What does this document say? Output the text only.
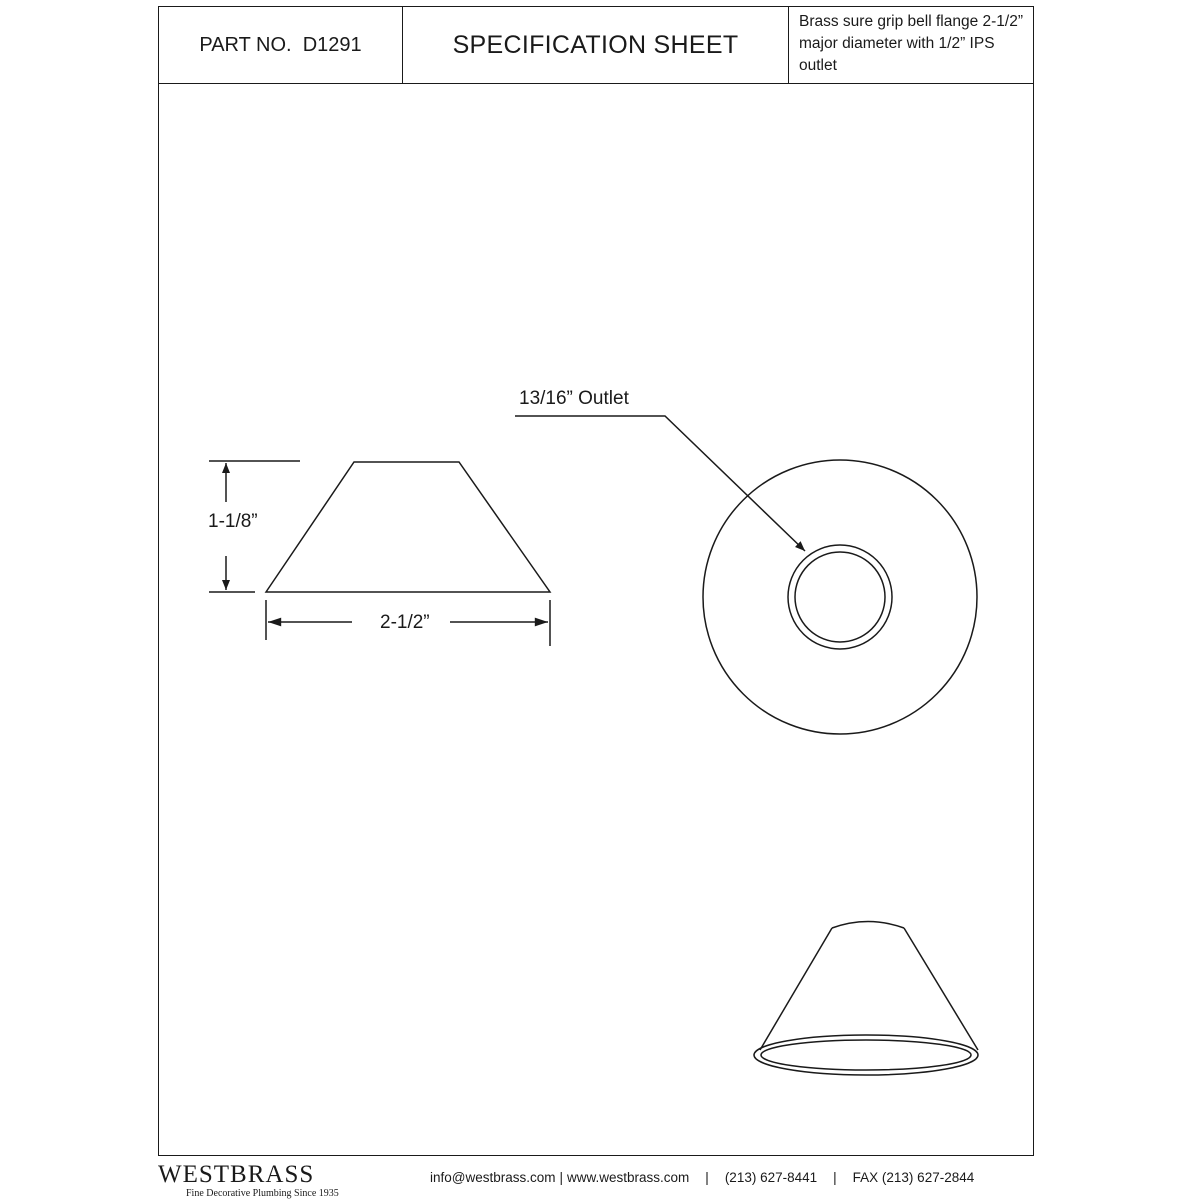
PART NO.
D1291	SPECIFICATION SHEET
Brass sure grip bell flange 2-1/2” major diameter with 1/2” IPS outlet
1-1/8”
2-1/2”
13/16” Outlet
WESTBRASS
Fine Decorative Plumbing Since 1935
info@westbrass.com | www.westbrass.com | (213) 627-8441 | FAX (213) 627-2844
